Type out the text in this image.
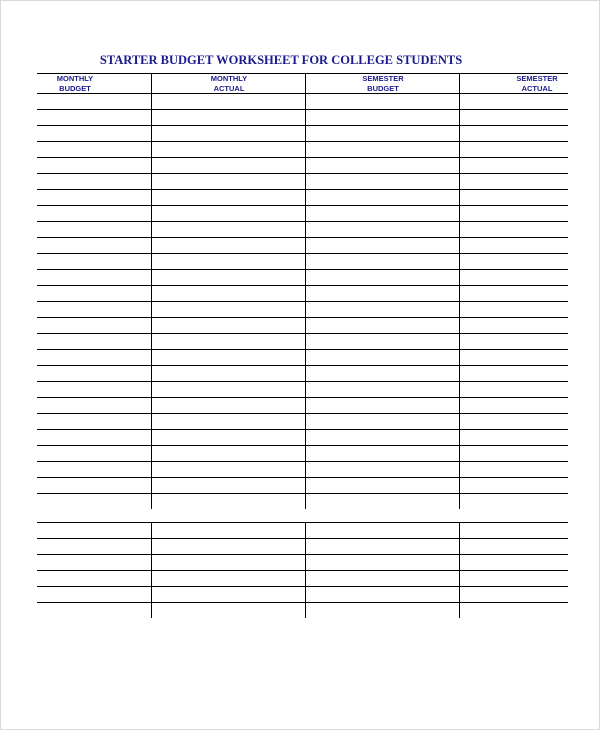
STARTER BUDGET WORKSHEET FOR COLLEGE STUDENTS
MONTHLY
BUDGET
MONTHLY
ACTUAL
SEMESTER
BUDGET
SEMESTER
ACTUAL
